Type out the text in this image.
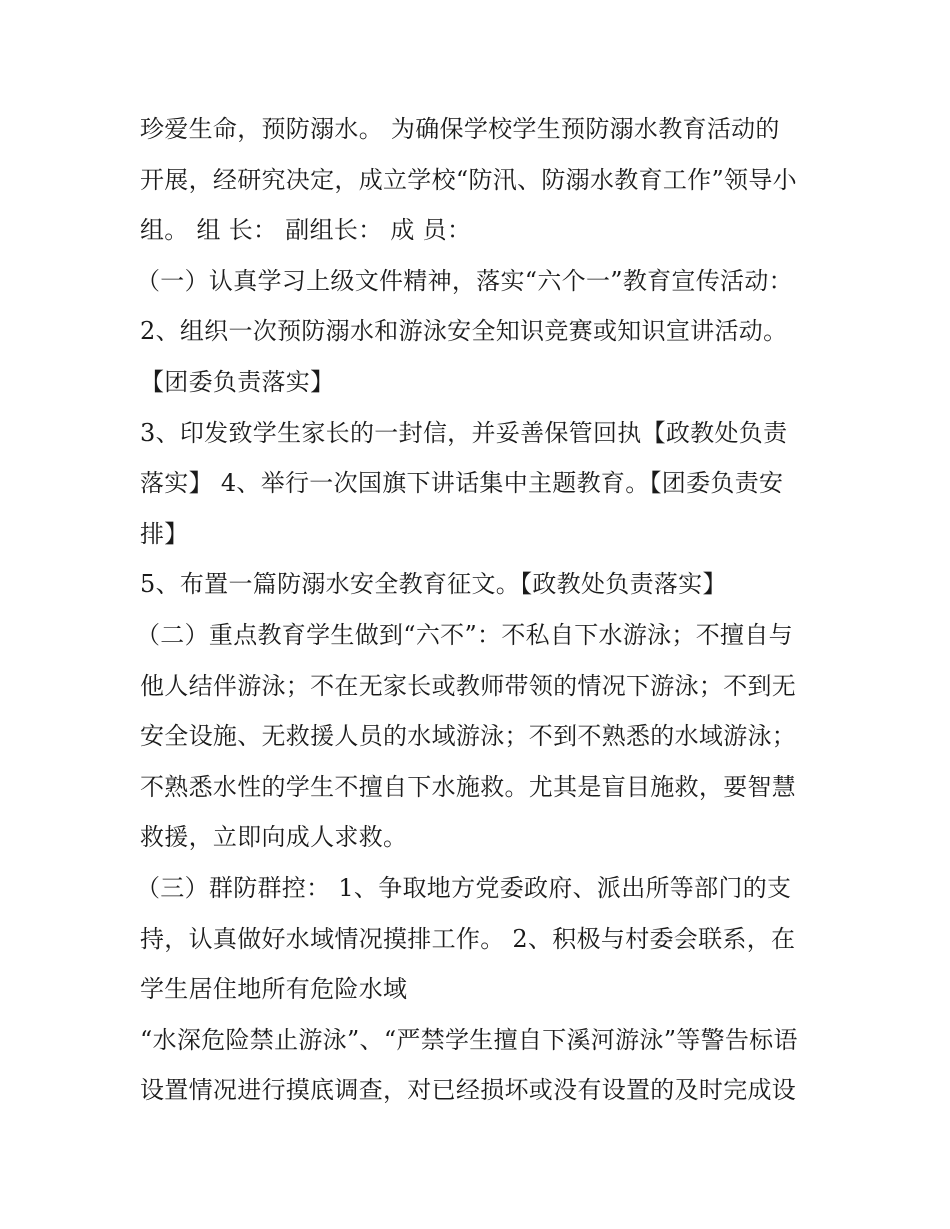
珍爱生命，预防溺水。 为确保学校学生预防溺水教育活动的
开展，经研究决定，成立学校“防汛、防溺水教育工作”领导小
组。 组 长： 副组长： 成 员：
（一）认真学习上级文件精神，落实“六个一”教育宣传活动：
2、组织一次预防溺水和游泳安全知识竞赛或知识宣讲活动。
【团委负责落实】
3、印发致学生家长的一封信，并妥善保管回执【政教处负责
落实】 4、举行一次国旗下讲话集中主题教育。【团委负责安
排】
5、布置一篇防溺水安全教育征文。【政教处负责落实】
（二）重点教育学生做到“六不”：不私自下水游泳；不擅自与
他人结伴游泳；不在无家长或教师带领的情况下游泳；不到无
安全设施、无救援人员的水域游泳；不到不熟悉的水域游泳；
不熟悉水性的学生不擅自下水施救。尤其是盲目施救，要智慧
救援，立即向成人求救。
（三）群防群控： 1、争取地方党委政府、派出所等部门的支
持，认真做好水域情况摸排工作。 2、积极与村委会联系，在
学生居住地所有危险水域
“水深危险禁止游泳”、“严禁学生擅自下溪河游泳”等警告标语
设置情况进行摸底调查，对已经损坏或没有设置的及时完成设
